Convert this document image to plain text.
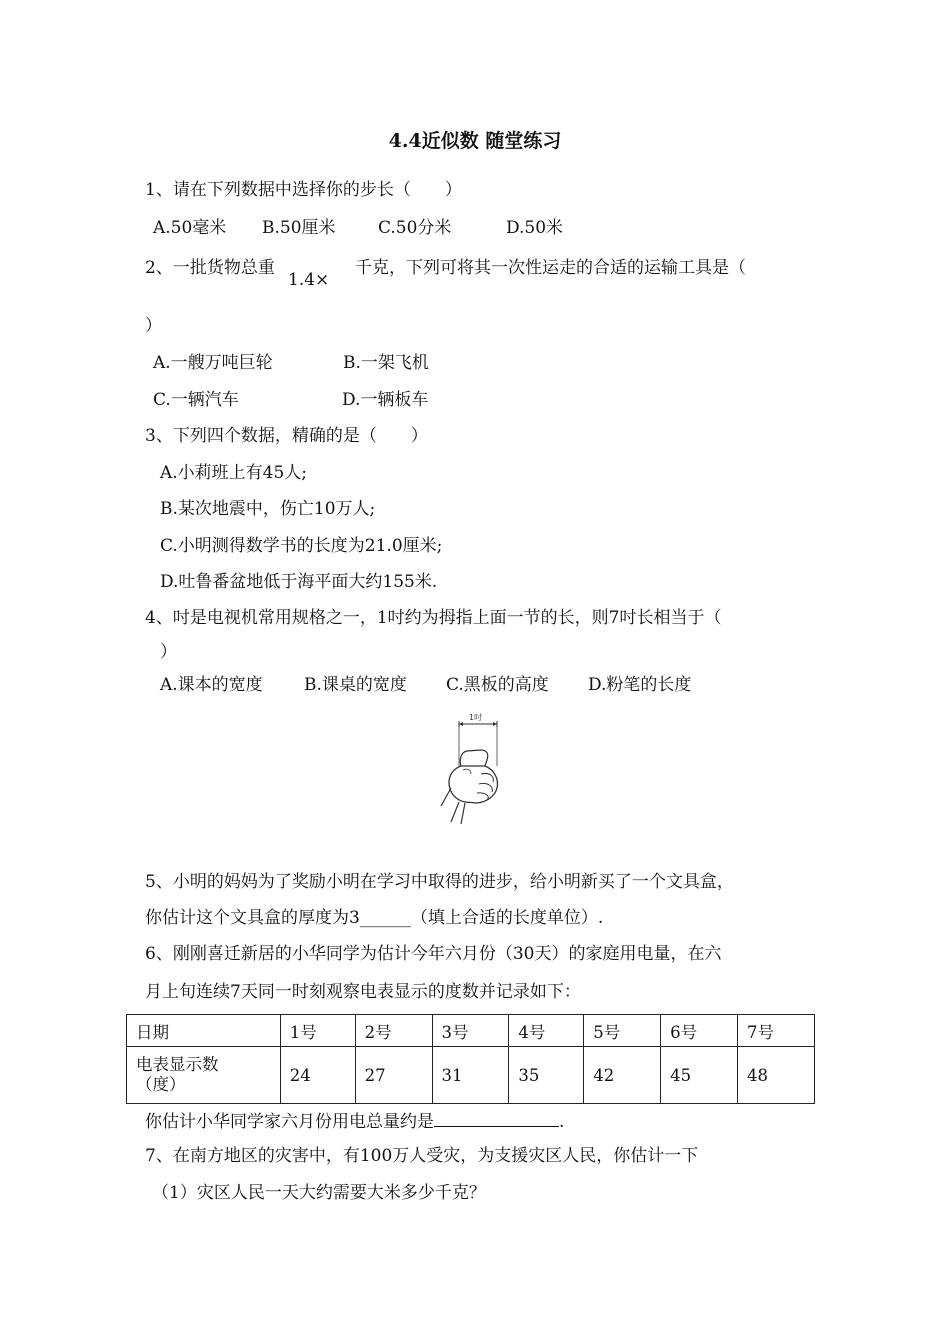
4.4近似数 随堂练习
1、请在下列数据中选择你的步长（　　）
A.50毫米 B.50厘米 C.50分米	D.50米
2、一批货物总重
1.4×
千克，下列可将其一次性运走的合适的运输工具是（
）
A.一艘万吨巨轮	B.一架飞机
C.一辆汽车	D.一辆板车
3、下列四个数据，精确的是（　　）
A.小莉班上有45人;
B.某次地震中，伤亡10万人;
C.小明测得数学书的长度为21.0厘米;
D.吐鲁番盆地低于海平面大约155米.
4、吋是电视机常用规格之一，1吋约为拇指上面一节的长，则7吋长相当于（
）
A.课本的宽度 B.课桌的宽度 C.黑板的高度 D.粉笔的长度
1吋
5、小明的妈妈为了奖励小明在学习中取得的进步，给小明新买了一个文具盒，
你估计这个文具盒的厚度为3______（填上合适的长度单位）.
6、刚刚喜迁新居的小华同学为估计今年六月份（30天）的家庭用电量，在六
月上旬连续7天同一时刻观察电表显示的度数并记录如下：
日期	1号	2号	3号	4号	5号	6号	7号

电表显示数
（度）	24	27	31	35	42	45	48
你估计小华同学家六月份用电总量约是	.
7、在南方地区的灾害中，有100万人受灾，为支援灾区人民，你估计一下
（1）灾区人民一天大约需要大米多少千克？
